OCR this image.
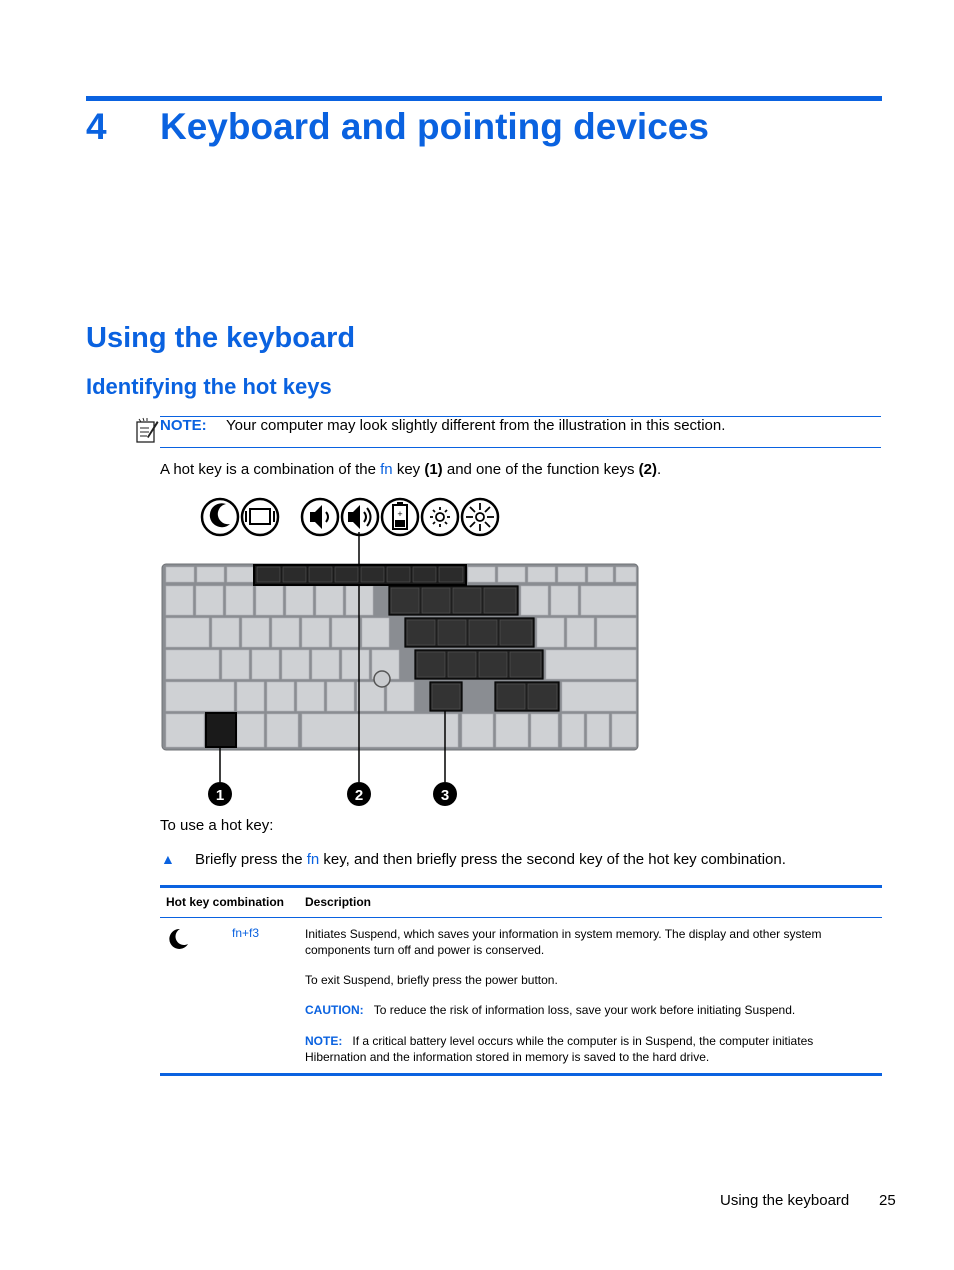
4 Keyboard and pointing devices
Using the keyboard
Identifying the hot keys
NOTE: Your computer may look slightly different from the illustration in this section.
A hot key is a combination of the fn key (1) and one of the function keys (2).
+
1	2	3
To use a hot key:
▲ Briefly press the fn key, and then briefly press the second key of the hot key combination.
Hot key combination Description
fn+f3	Initiates Suspend, which saves your information in system memory. The display and other system components turn off and power is conserved.
To exit Suspend, briefly press the power button.
CAUTION: To reduce the risk of information loss, save your work before initiating Suspend.
NOTE: If a critical battery level occurs while the computer is in Suspend, the computer initiates Hibernation and the information stored in memory is saved to the hard drive.
Using the keyboard 25
